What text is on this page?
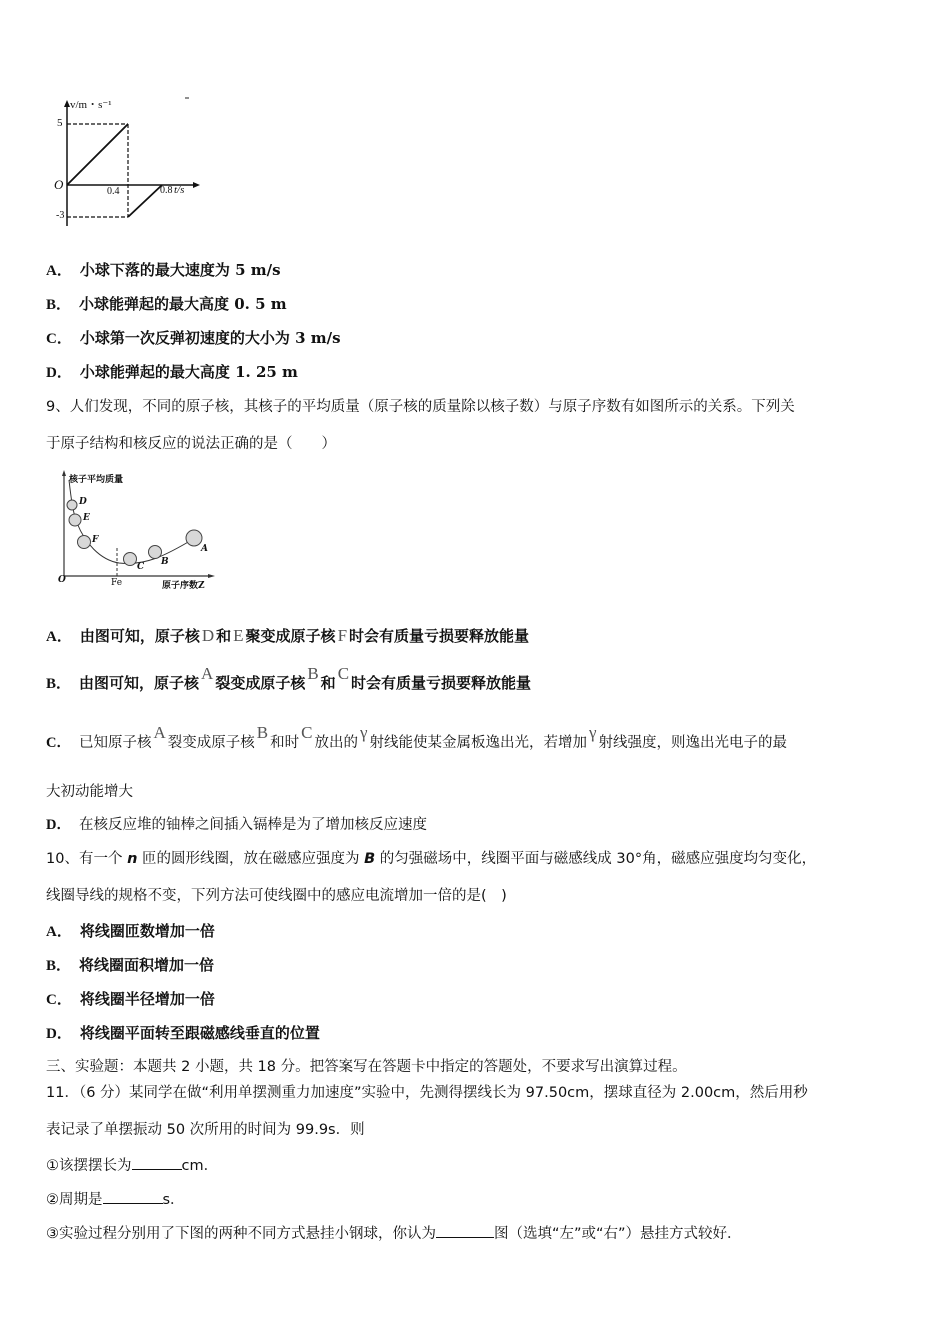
v/m・s⁻¹
5
O	0.4	0.8 t/s
-3
A． 小球下落的最大速度为 5 m/s
B． 小球能弹起的最大高度 0. 5 m
C． 小球第一次反弹初速度的大小为 3 m/s
D． 小球能弹起的最大高度 1. 25 m
9、人们发现，不同的原子核，其核子的平均质量（原子核的质量除以核子数）与原子序数有如图所示的关系。下列关
于原子结构和核反应的说法正确的是（　　）
核子平均质量
D
E
F
C B
A
O	Fe	原子序数Z
A． 由图可知，原子核 D 和 E 聚变成原子核 F 时会有质量亏损要释放能量
B． 由图可知，原子核 A 裂变成原子核 B 和 C 时会有质量亏损要释放能量
C． 已知原子核A裂变成原子核B和时C放出的γ射线能使某金属板逸出光，若增加γ射线强度，则逸出光电子的最
大初动能增大
D． 在核反应堆的铀棒之间插入镉棒是为了增加核反应速度
10、有一个 n 匝的圆形线圈，放在磁感应强度为 B 的匀强磁场中，线圈平面与磁感线成 30°角，磁感应强度均匀变化，
线圈导线的规格不变，下列方法可使线圈中的感应电流增加一倍的是(　)
A． 将线圈匝数增加一倍
B． 将线圈面积增加一倍
C． 将线圈半径增加一倍
D． 将线圈平面转至跟磁感线垂直的位置
三、实验题：本题共 2 小题，共 18 分。把答案写在答题卡中指定的答题处，不要求写出演算过程。
11．（6 分）某同学在做“利用单摆测重力加速度”实验中，先测得摆线长为 97.50cm，摆球直径为 2.00cm，然后用秒
表记录了单摆振动 50 次所用的时间为 99.9s．则
①该摆摆长为	cm．
②周期是	s．
③实验过程分别用了下图的两种不同方式悬挂小钢球，你认为	图（选填“左”或“右”）悬挂方式较好．
